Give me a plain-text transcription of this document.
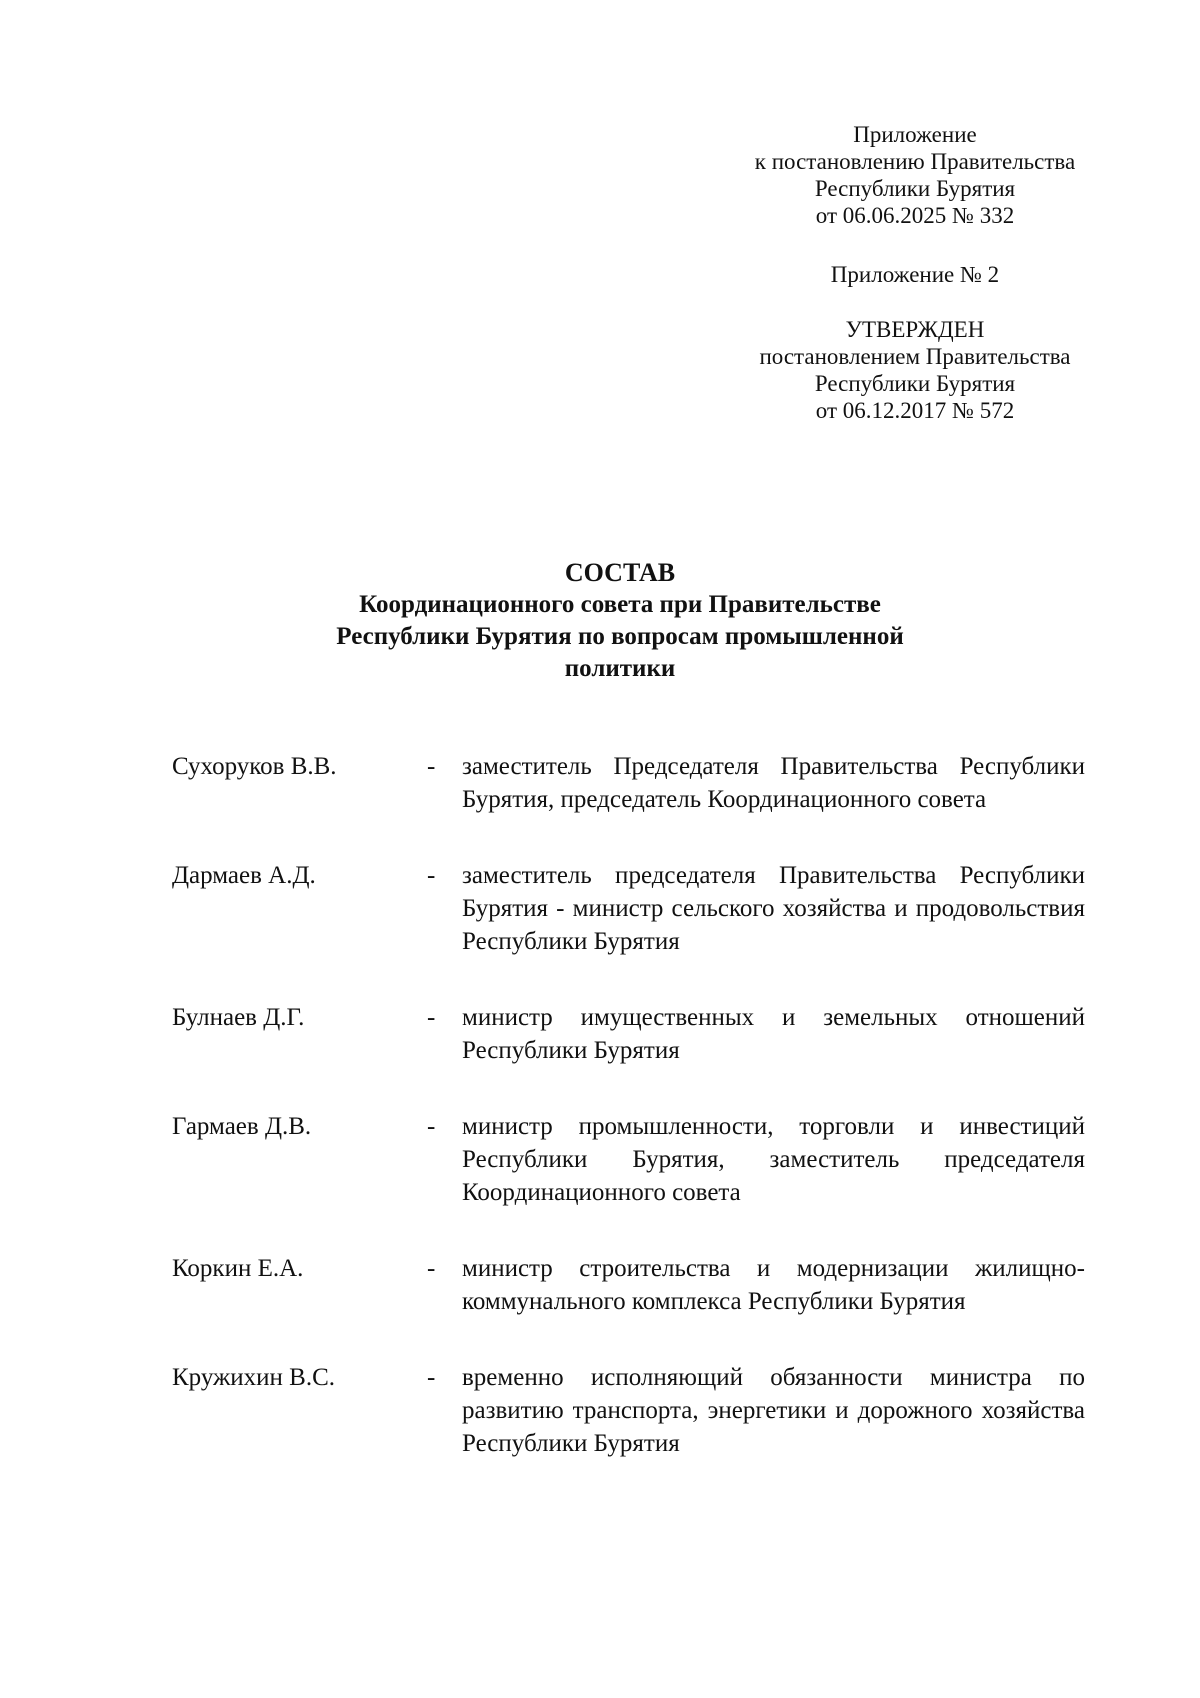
Приложение
к постановлению Правительства
Республики Бурятия
от 06.06.2025 № 332
Приложение № 2
УТВЕРЖДЕН
постановлением Правительства
Республики Бурятия
от 06.12.2017 № 572
СОСТАВ
Координационного совета при Правительстве
Республики Бурятия по вопросам промышленной
политики
Сухоруков В.В.	-	заместитель Председателя Правительства Республики Бурятия, председатель Координационного совета
Дармаев А.Д.	-	заместитель председателя Правительства Республики Бурятия - министр сельского хозяйства и продовольствия Республики Бурятия
Булнаев Д.Г.	-	министр имущественных и земельных отношений Республики Бурятия
Гармаев Д.В.	-	министр промышленности, торговли и инвестиций Республики Бурятия, заместитель председателя Координационного совета
Коркин Е.А.	-	министр строительства и модернизации жилищно-коммунального комплекса Республики Бурятия
Кружихин В.С.	-	временно исполняющий обязанности министра по развитию транспорта, энергетики и дорожного хозяйства Республики Бурятия
